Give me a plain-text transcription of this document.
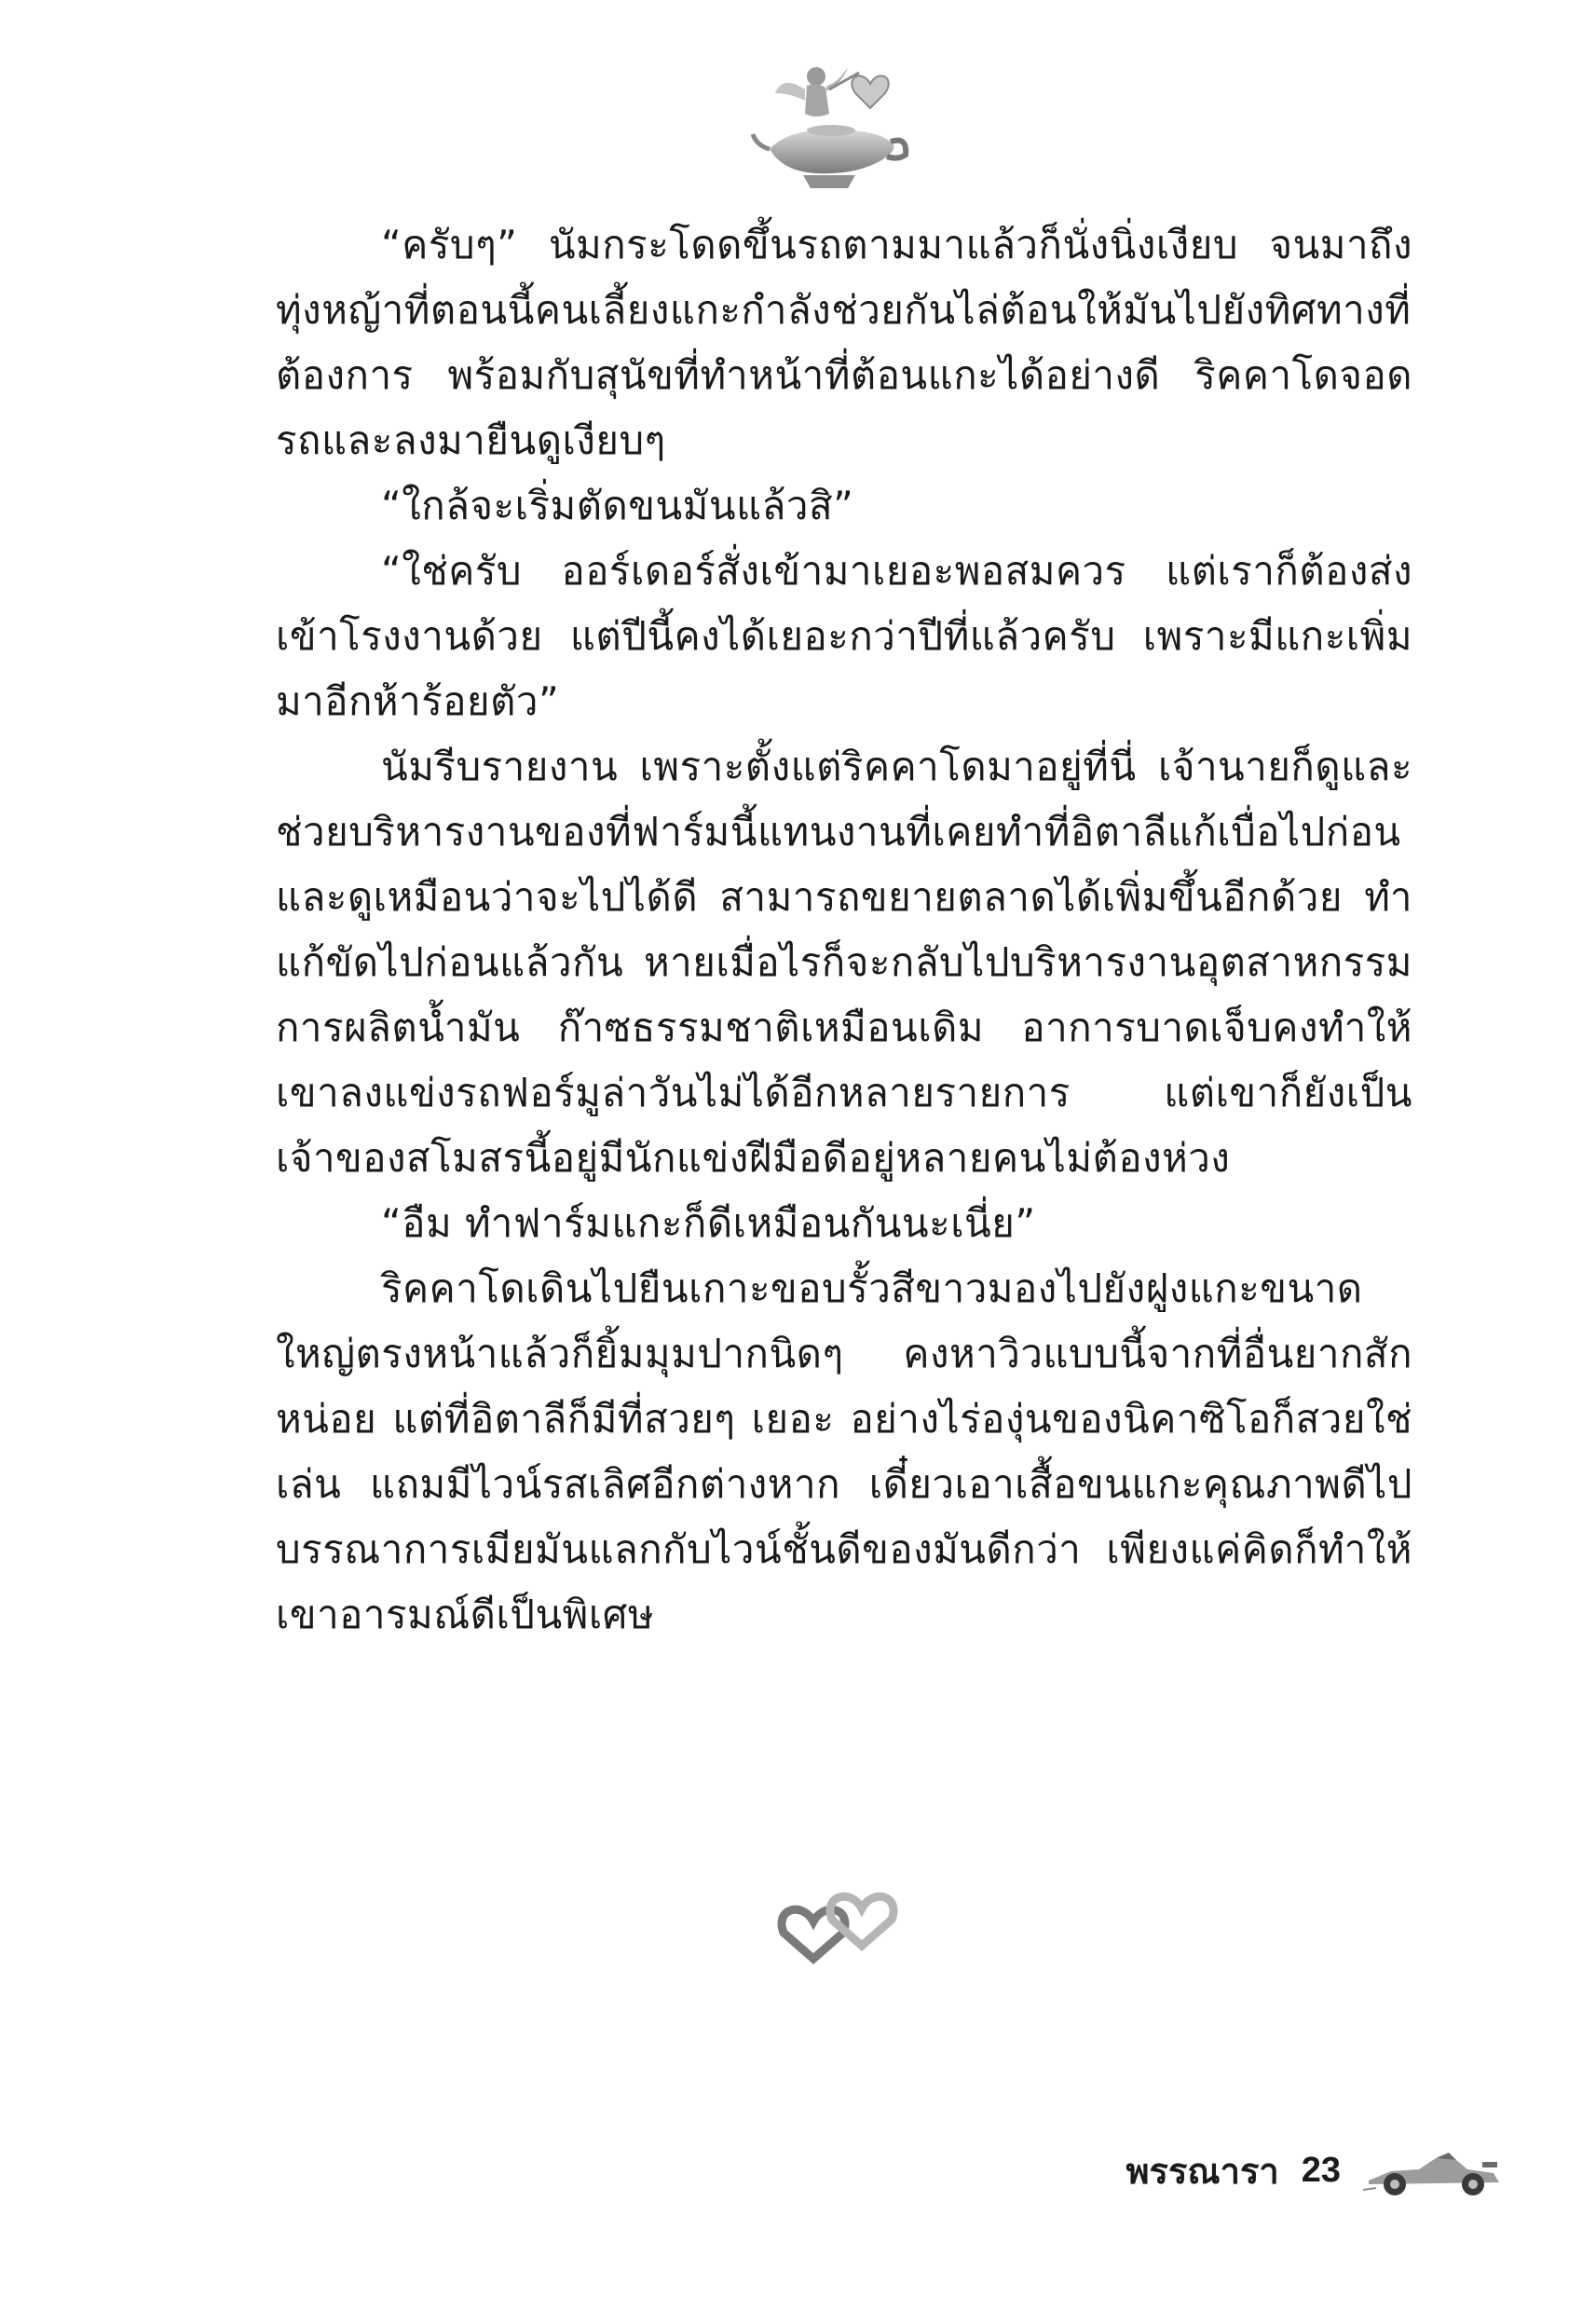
“ครับๆ” นัมกระโดดขึ้นรถตามมาแล้วก็นั่งนิ่งเงียบ จนมาถึงทุ่งหญ้าที่ตอนนี้คนเลี้ยงแกะกำลังช่วยกันไล่ต้อนให้มันไปยังทิศทางที่ต้องการ พร้อมกับสุนัขที่ทำหน้าที่ต้อนแกะได้อย่างดี ริคคาโดจอดรถและลงมายืนดูเงียบๆ

“ใกล้จะเริ่มตัดขนมันแล้วสิ”

“ใช่ครับ ออร์เดอร์สั่งเข้ามาเยอะพอสมควร แต่เราก็ต้องส่งเข้าโรงงานด้วย แต่ปีนี้คงได้เยอะกว่าปีที่แล้วครับ เพราะมีแกะเพิ่มมาอีกห้าร้อยตัว”

นัมรีบรายงาน เพราะตั้งแต่ริคคาโดมาอยู่ที่นี่ เจ้านายก็ดูและช่วยบริหารงานของที่ฟาร์มนี้แทนงานที่เคยทำที่อิตาลีแก้เบื่อไปก่อนและดูเหมือนว่าจะไปได้ดี สามารถขยายตลาดได้เพิ่มขึ้นอีกด้วย ทำแก้ขัดไปก่อนแล้วกัน หายเมื่อไรก็จะกลับไปบริหารงานอุตสาหกรรมการผลิตน้ำมัน ก๊าซธรรมชาติเหมือนเดิม อาการบาดเจ็บคงทำให้เขาลงแข่งรถฟอร์มูล่าวันไม่ได้อีกหลายรายการ แต่เขาก็ยังเป็นเจ้าของสโมสรนี้อยู่มีนักแข่งฝีมือดีอยู่หลายคนไม่ต้องห่วง

“อืม ทำฟาร์มแกะก็ดีเหมือนกันนะเนี่ย”

ริคคาโดเดินไปยืนเกาะขอบรั้วสีขาวมองไปยังฝูงแกะขนาดใหญ่ตรงหน้าแล้วก็ยิ้มมุมปากนิดๆ คงหาวิวแบบนี้จากที่อื่นยากสักหน่อย แต่ที่อิตาลีก็มีที่สวยๆ เยอะ อย่างไร่องุ่นของนิคาซิโอก็สวยใช่เล่น แถมมีไวน์รสเลิศอีกต่างหาก เดี๋ยวเอาเสื้อขนแกะคุณภาพดีไปบรรณาการเมียมันแลกกับไวน์ชั้นดีของมันดีกว่า เพียงแค่คิดก็ทำให้เขาอารมณ์ดีเป็นพิเศษ

พรรณารา 23
